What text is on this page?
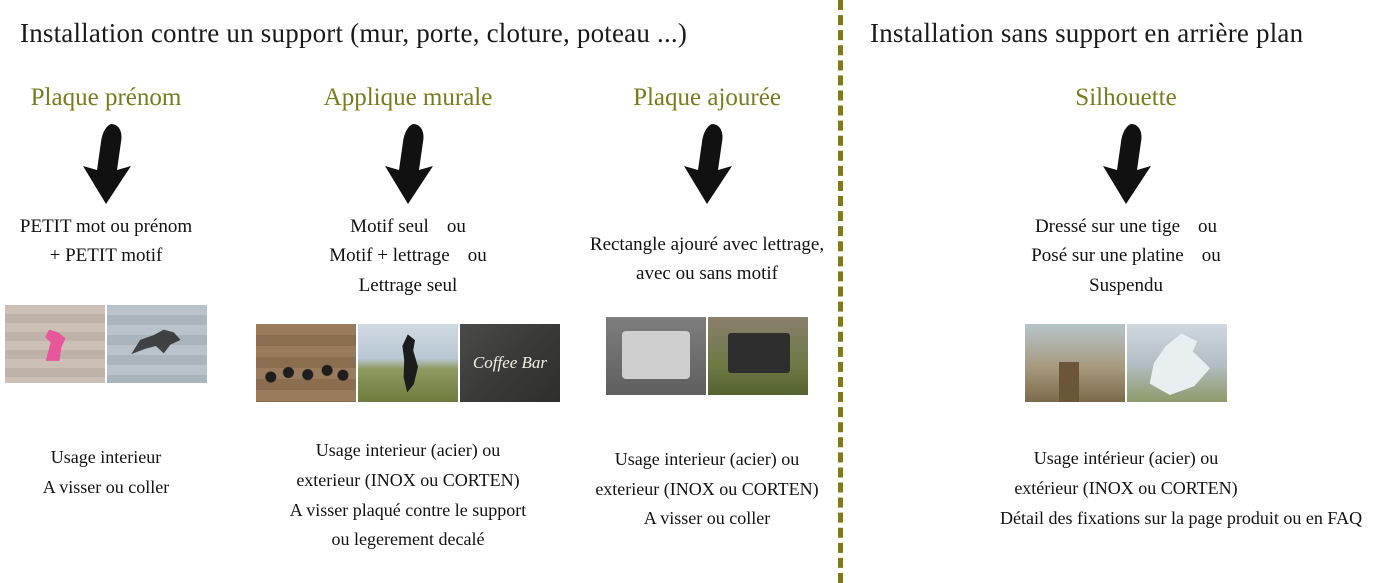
Installation contre un support (mur, porte, cloture, poteau ...)	Installation sans support en arrière plan
Plaque prénom
PETIT mot ou prénom
+ PETIT motif
Usage interieur
A visser ou coller
Applique murale
Motif seul ou
Motif + lettrage ou
Lettrage seul
Coffee Bar
Usage interieur (acier) ou
exterieur (INOX ou CORTEN)
A visser plaqué contre le support
ou legerement decalé
Plaque ajourée
Rectangle ajouré avec lettrage,
avec ou sans motif
Usage interieur (acier) ou
exterieur (INOX ou CORTEN)
A visser ou coller
Silhouette
Dressé sur une tige ou
Posé sur une platine ou
Suspendu
Usage intérieur (acier) ou
extérieur (INOX ou CORTEN)
Détail des fixations sur la page produit ou en FAQ
